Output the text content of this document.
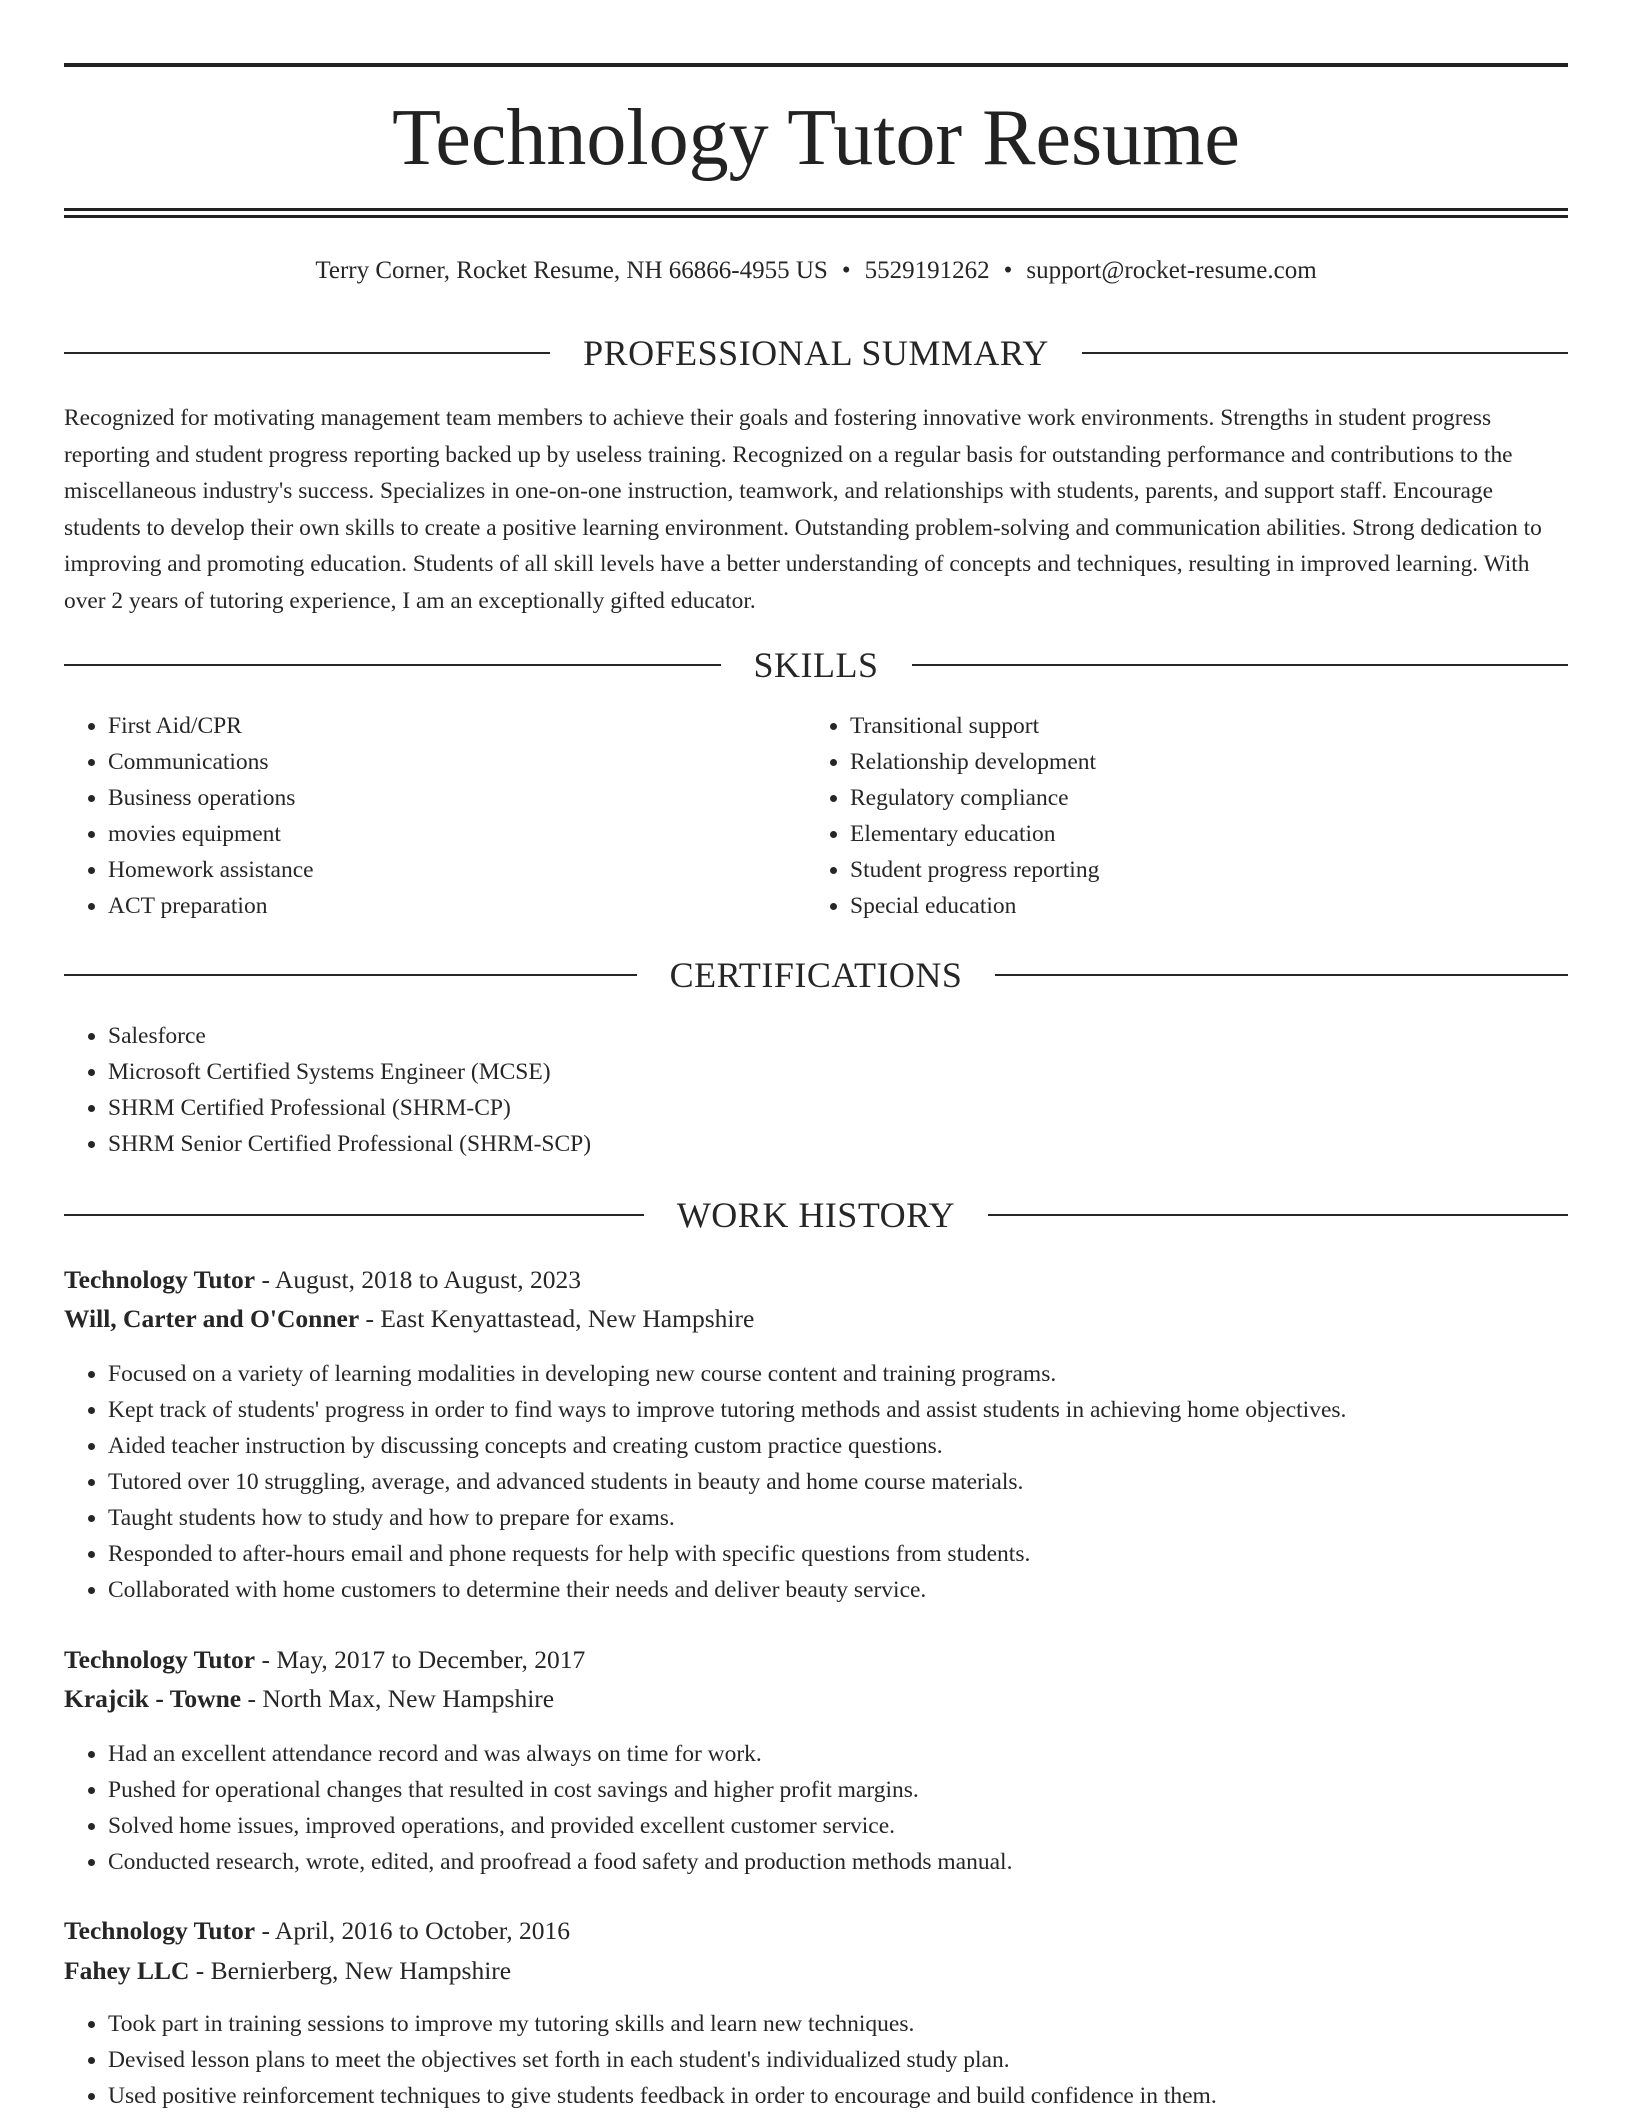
Technology Tutor Resume
Terry Corner, Rocket Resume, NH 66866-4955 US • 5529191262 • support@rocket-resume.com
PROFESSIONAL SUMMARY

Recognized for motivating management team members to achieve their goals and fostering innovative work environments. Strengths in student progress reporting and student progress reporting backed up by useless training. Recognized on a regular basis for outstanding performance and contributions to the miscellaneous industry's success. Specializes in one-on-one instruction, teamwork, and relationships with students, parents, and support staff. Encourage students to develop their own skills to create a positive learning environment. Outstanding problem-solving and communication abilities. Strong dedication to improving and promoting education. Students of all skill levels have a better understanding of concepts and techniques, resulting in improved learning. With over 2 years of tutoring experience, I am an exceptionally gifted educator.

SKILLS
• First Aid/CPR
• Communications
• Business operations
• movies equipment
• Homework assistance
• ACT preparation
• Transitional support
• Relationship development
• Regulatory compliance
• Elementary education
• Student progress reporting
• Special education
CERTIFICATIONS
• Salesforce
• Microsoft Certified Systems Engineer (MCSE)
• SHRM Certified Professional (SHRM-CP)
• SHRM Senior Certified Professional (SHRM-SCP)
WORK HISTORY

Technology Tutor - August, 2018 to August, 2023

Will, Carter and O'Conner - East Kenyattastead, New Hampshire

• Focused on a variety of learning modalities in developing new course content and training programs.
• Kept track of students' progress in order to find ways to improve tutoring methods and assist students in achieving home objectives.
• Aided teacher instruction by discussing concepts and creating custom practice questions.
• Tutored over 10 struggling, average, and advanced students in beauty and home course materials.
• Taught students how to study and how to prepare for exams.
• Responded to after-hours email and phone requests for help with specific questions from students.
• Collaborated with home customers to determine their needs and deliver beauty service.

Technology Tutor - May, 2017 to December, 2017

Krajcik - Towne - North Max, New Hampshire

• Had an excellent attendance record and was always on time for work.
• Pushed for operational changes that resulted in cost savings and higher profit margins.
• Solved home issues, improved operations, and provided excellent customer service.
• Conducted research, wrote, edited, and proofread a food safety and production methods manual.

Technology Tutor - April, 2016 to October, 2016

Fahey LLC - Bernierberg, New Hampshire

• Took part in training sessions to improve my tutoring skills and learn new techniques.
• Devised lesson plans to meet the objectives set forth in each student's individualized study plan.
• Used positive reinforcement techniques to give students feedback in order to encourage and build confidence in them.
